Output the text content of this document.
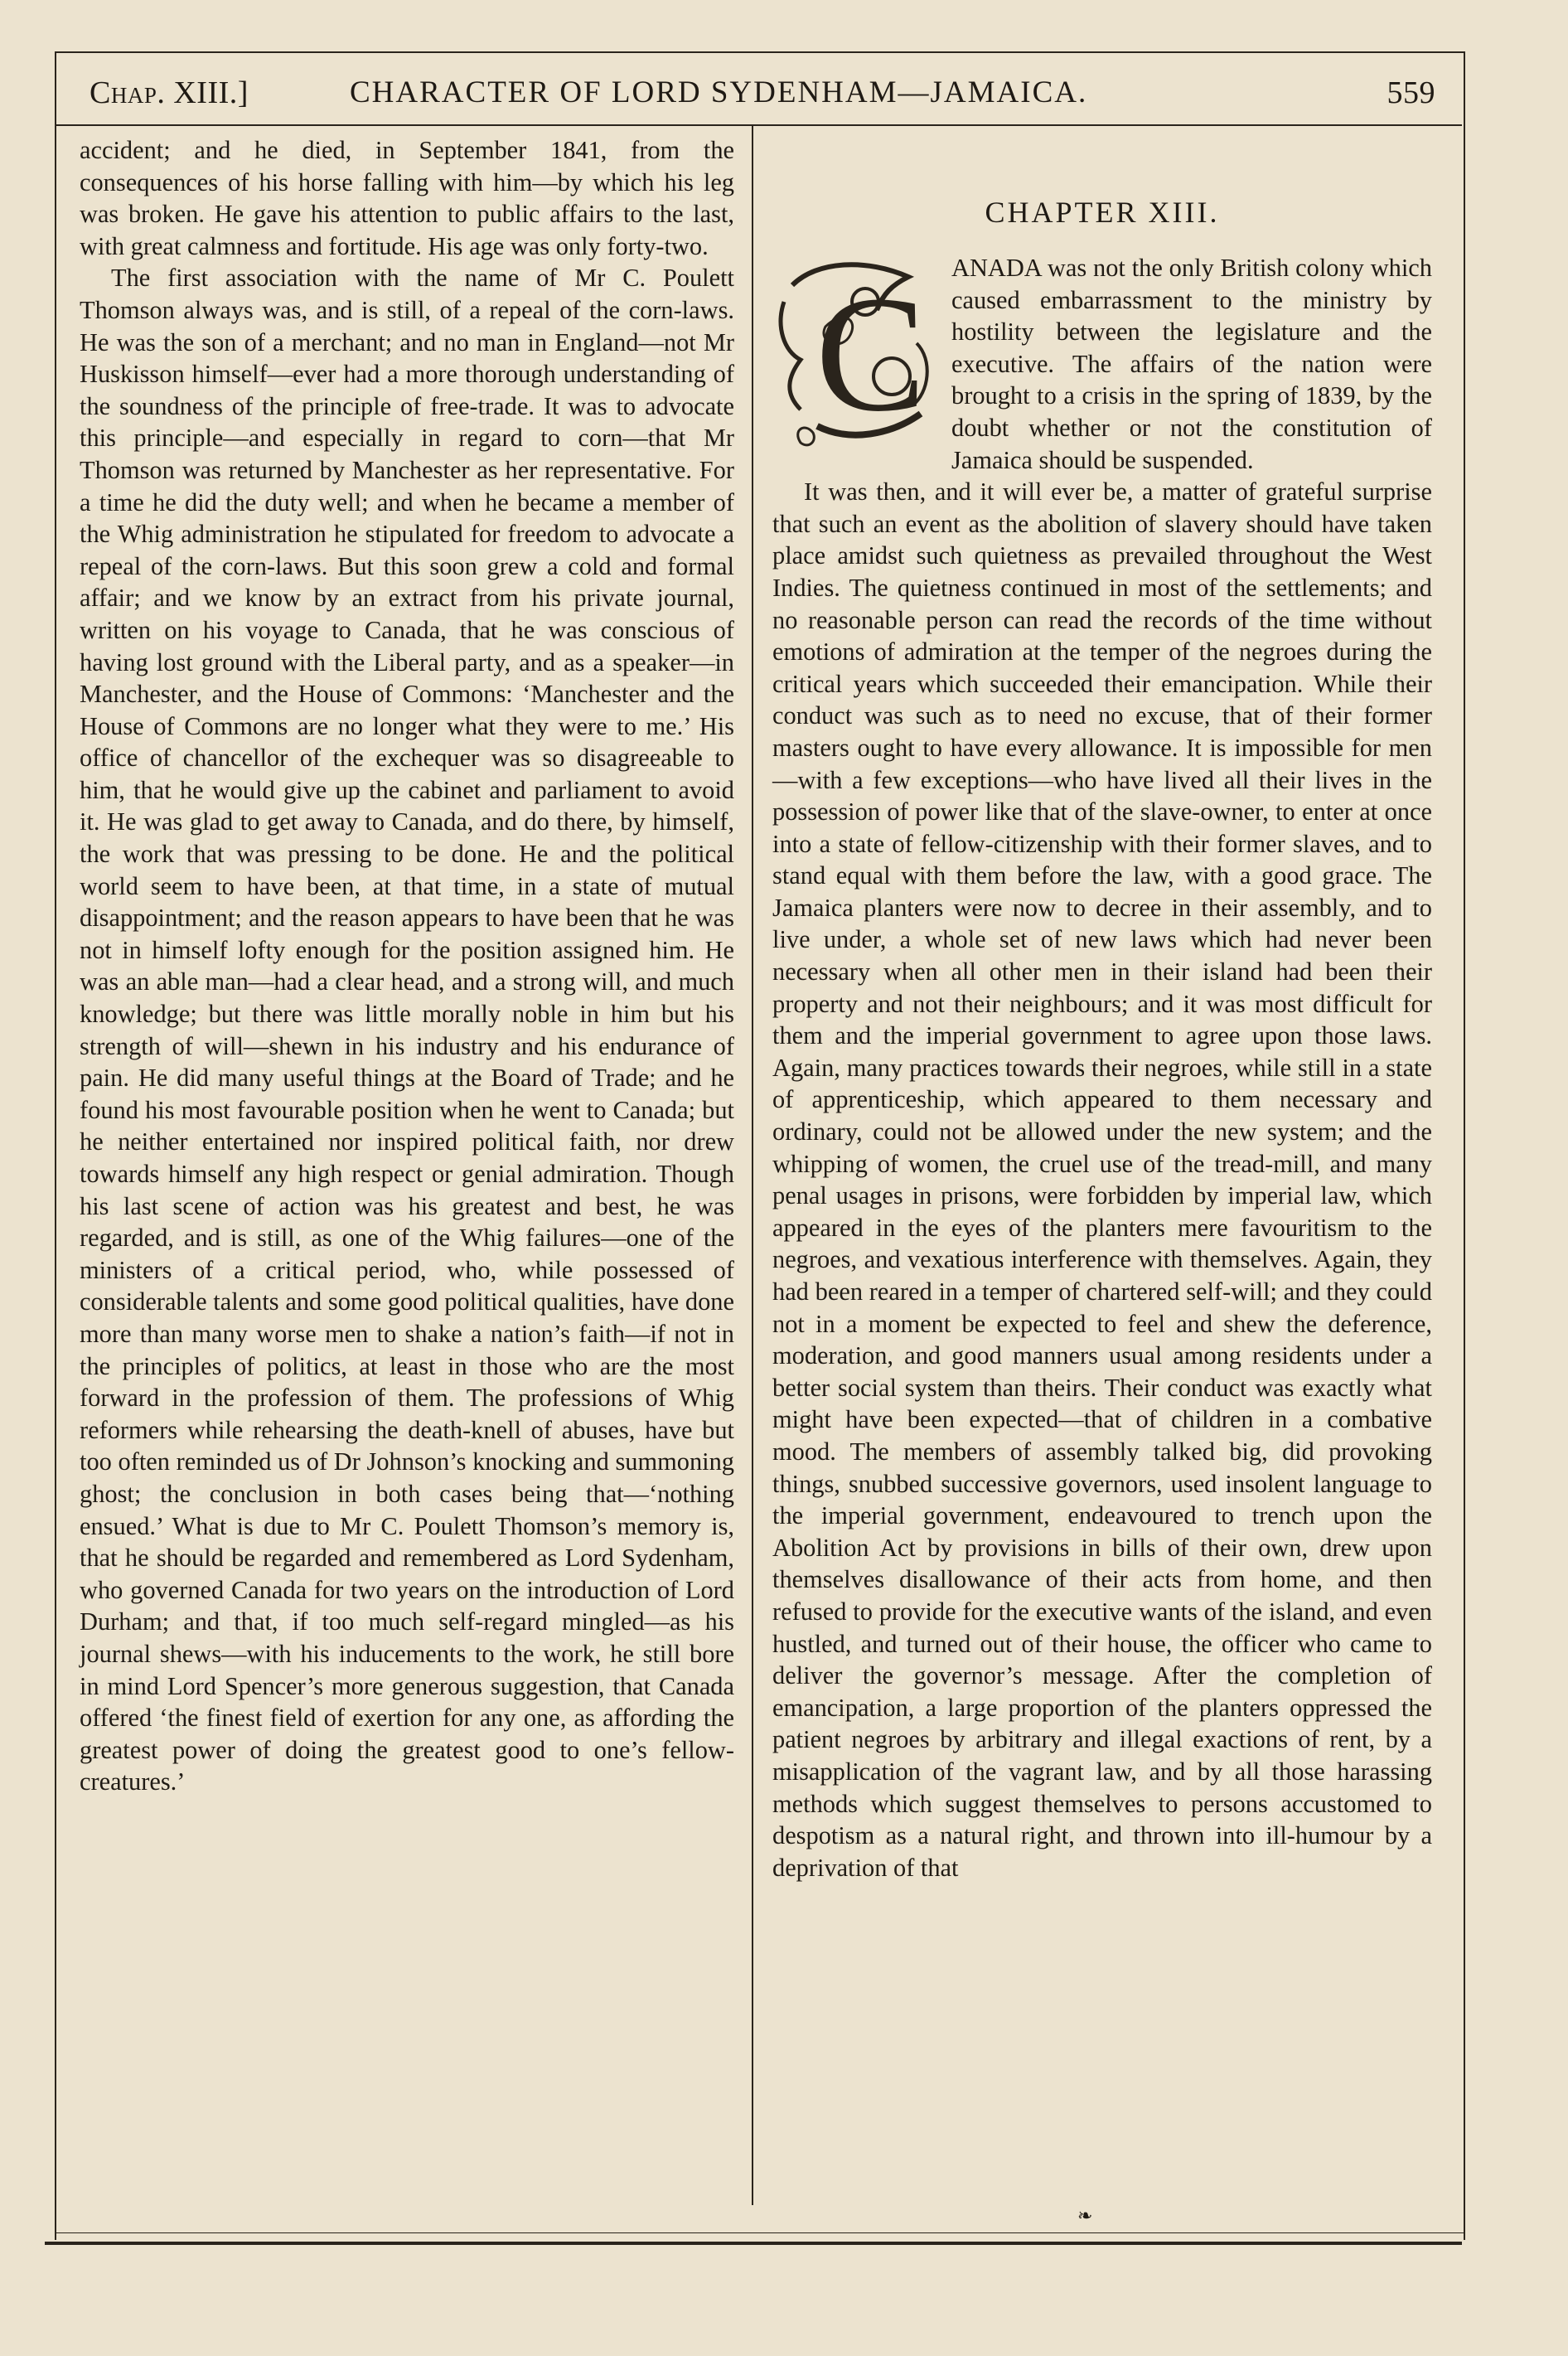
Chap. XIII.]	CHARACTER OF LORD SYDENHAM—JAMAICA.	559

accident; and he died, in September 1841, from the consequences of his horse falling with him—by which his leg was broken. He gave his attention to public affairs to the last, with great calmness and fortitude. His age was only forty-two.

The first association with the name of Mr C. Poulett Thomson always was, and is still, of a repeal of the corn-laws. He was the son of a merchant; and no man in England—not Mr Huskisson himself—ever had a more thorough understanding of the soundness of the principle of free-trade. It was to advocate this principle—and especially in regard to corn—that Mr Thomson was returned by Manchester as her representative. For a time he did the duty well; and when he became a member of the Whig administration he stipulated for freedom to advocate a repeal of the corn-laws. But this soon grew a cold and formal affair; and we know by an extract from his private journal, written on his voyage to Canada, that he was conscious of having lost ground with the Liberal party, and as a speaker—in Manchester, and the House of Commons: ‘Manchester and the House of Commons are no longer what they were to me.’ His office of chancellor of the exchequer was so disagreeable to him, that he would give up the cabinet and parliament to avoid it. He was glad to get away to Canada, and do there, by himself, the work that was pressing to be done. He and the political world seem to have been, at that time, in a state of mutual disappointment; and the reason appears to have been that he was not in himself lofty enough for the position assigned him. He was an able man—had a clear head, and a strong will, and much knowledge; but there was little morally noble in him but his strength of will—shewn in his industry and his endurance of pain. He did many useful things at the Board of Trade; and he found his most favourable position when he went to Canada; but he neither entertained nor inspired political faith, nor drew towards himself any high respect or genial admiration. Though his last scene of action was his greatest and best, he was regarded, and is still, as one of the Whig failures—one of the ministers of a critical period, who, while possessed of considerable talents and some good political qualities, have done more than many worse men to shake a nation’s faith—if not in the principles of politics, at least in those who are the most forward in the profession of them. The professions of Whig reformers while rehearsing the death-knell of abuses, have but too often reminded us of Dr Johnson’s knocking and summoning ghost; the conclusion in both cases being that—‘nothing ensued.’ What is due to Mr C. Poulett Thomson’s memory is, that he should be regarded and remembered as Lord Sydenham, who governed Canada for two years on the introduction of Lord Durham; and that, if too much self-regard mingled—as his journal shews—with his inducements to the work, he still bore in mind Lord Spencer’s more generous suggestion, that Canada offered ‘the finest field of exertion for any one, as affording the greatest power of doing the greatest good to one’s fellow-creatures.’

CHAPTER XIII.

C ANADA was not the only British colony which caused embarrassment to the ministry by hostility between the legislature and the executive. The affairs of the nation were brought to a crisis in the spring of 1839, by the doubt whether or not the constitution of Jamaica should be suspended.

It was then, and it will ever be, a matter of grateful surprise that such an event as the abolition of slavery should have taken place amidst such quietness as prevailed throughout the West Indies. The quietness continued in most of the settlements; and no reasonable person can read the records of the time without emotions of admiration at the temper of the negroes during the critical years which succeeded their emancipation. While their conduct was such as to need no excuse, that of their former masters ought to have every allowance. It is impossible for men—with a few exceptions—who have lived all their lives in the possession of power like that of the slave-owner, to enter at once into a state of fellow-citizenship with their former slaves, and to stand equal with them before the law, with a good grace. The Jamaica planters were now to decree in their assembly, and to live under, a whole set of new laws which had never been necessary when all other men in their island had been their property and not their neighbours; and it was most difficult for them and the imperial government to agree upon those laws. Again, many practices towards their negroes, while still in a state of apprenticeship, which appeared to them necessary and ordinary, could not be allowed under the new system; and the whipping of women, the cruel use of the tread-mill, and many penal usages in prisons, were forbidden by imperial law, which appeared in the eyes of the planters mere favouritism to the negroes, and vexatious interference with themselves. Again, they had been reared in a temper of chartered self-will; and they could not in a moment be expected to feel and shew the deference, moderation, and good manners usual among residents under a better social system than theirs. Their conduct was exactly what might have been expected—that of children in a combative mood. The members of assembly talked big, did provoking things, snubbed successive governors, used insolent language to the imperial government, endeavoured to trench upon the Abolition Act by provisions in bills of their own, drew upon themselves disallowance of their acts from home, and then refused to provide for the executive wants of the island, and even hustled, and turned out of their house, the officer who came to deliver the governor’s message. After the completion of emancipation, a large proportion of the planters oppressed the patient negroes by arbitrary and illegal exactions of rent, by a misapplication of the vagrant law, and by all those harassing methods which suggest themselves to persons accustomed to despotism as a natural right, and thrown into ill-humour by a deprivation of that

❧
